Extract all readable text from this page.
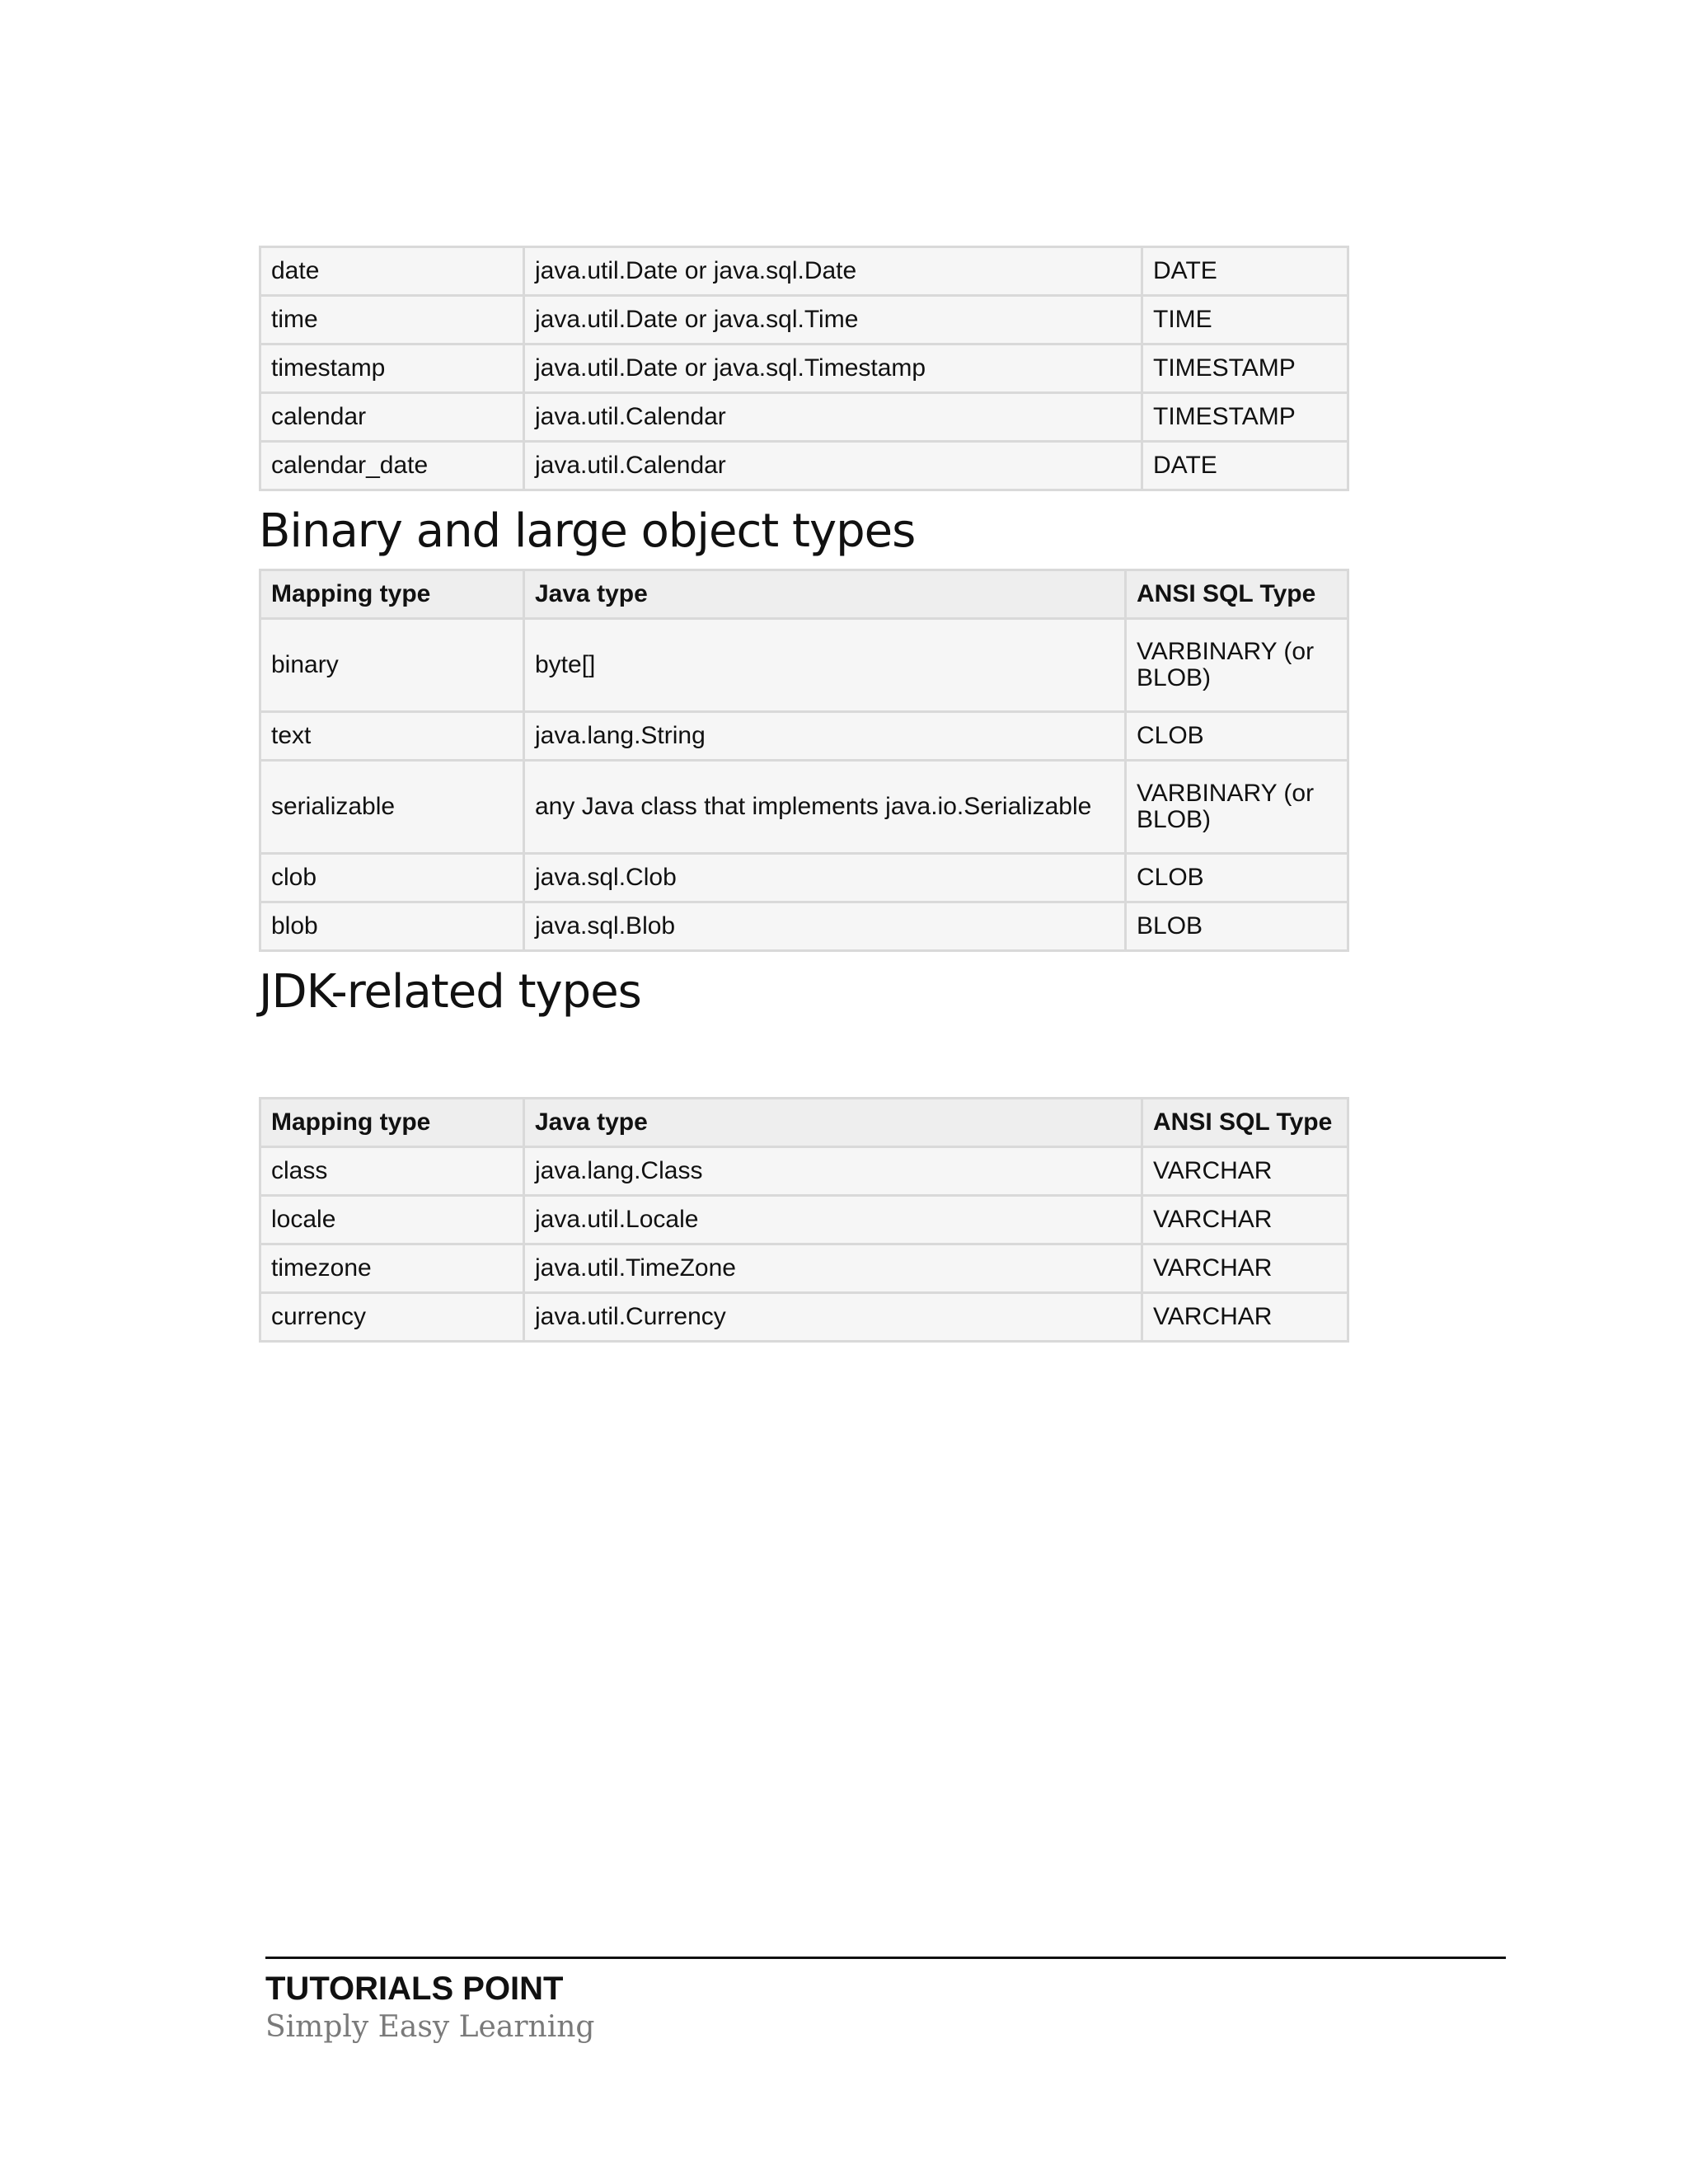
date	java.util.Date or java.sql.Date	DATE
time	java.util.Date or java.sql.Time	TIME
timestamp	java.util.Date or java.sql.Timestamp	TIMESTAMP
calendar	java.util.Calendar	TIMESTAMP
calendar_date	java.util.Calendar	DATE
Binary and large object types
Mapping type	Java type	ANSI SQL Type
binary	byte[]	VARBINARY (or BLOB)
text	java.lang.String	CLOB
serializable	any Java class that implements java.io.Serializable	VARBINARY (or BLOB)
clob	java.sql.Clob	CLOB
blob	java.sql.Blob	BLOB
JDK-related types
Mapping type	Java type	ANSI SQL Type
class	java.lang.Class	VARCHAR
locale	java.util.Locale	VARCHAR
timezone	java.util.TimeZone	VARCHAR
currency	java.util.Currency	VARCHAR
TUTORIALS POINT
Simply Easy Learning
